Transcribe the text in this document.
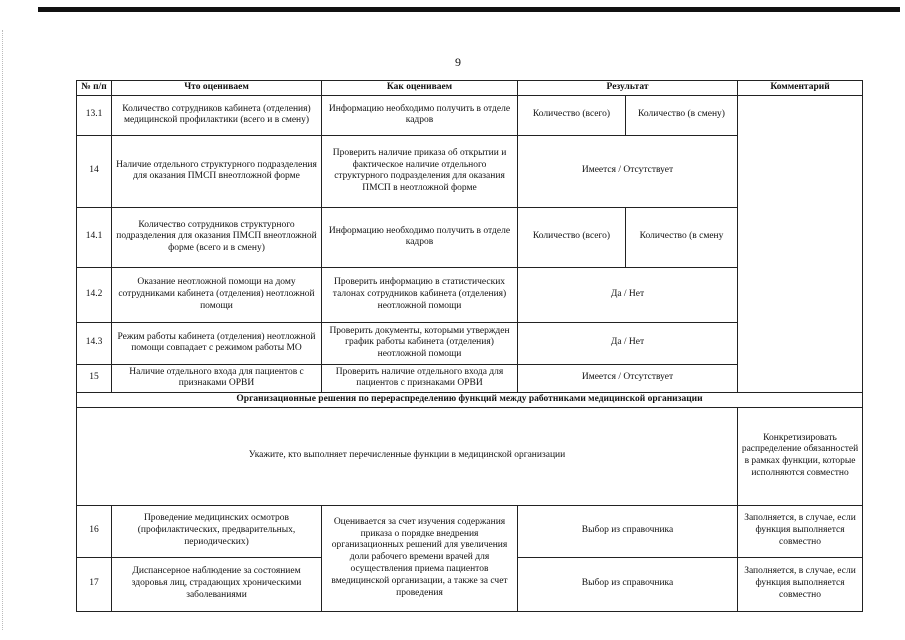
9
№ п/п	Что оцениваем	Как оцениваем	Результат		Комментарий
13.1	Количество сотрудников кабинета (отделения) медицинской профилактики (всего и в смену)	Информацию необходимо получить в отделе кадров	Количество (всего)	Количество (в смену)	
14	Наличие отдельного структурного подразделения для оказания ПМСП внеотложной форме	Проверить наличие приказа об открытии и фактическое наличие отдельного структурного подразделения для оказания ПМСП в неотложной форме	Имеется / Отсутствует		
14.1	Количество сотрудников структурного подразделения для оказания ПМСП внеотложной форме (всего и в смену)	Информацию необходимо получить в отделе кадров	Количество (всего)	Количество (в смену	
14.2	Оказание неотложной помощи на дому сотрудниками кабинета (отделения) неотложной помощи	Проверить информацию в статистических талонах сотрудников кабинета (отделения) неотложной помощи	Да / Нет		
14.3	Режим работы кабинета (отделения) неотложной помощи совпадает с режимом работы МО	Проверить документы, которыми утвержден график работы кабинета (отделения) неотложной помощи	Да / Нет		
15	Наличие отдельного входа для пациентов с признаками ОРВИ	Проверить наличие отдельного входа для пациентов с признаками ОРВИ	Имеется / Отсутствует		
Организационные решения по перераспределению функций между работниками медицинской организации					

Укажите, кто выполняет перечисленные функции в медицинской организации					Конкретизировать распределение обязанностей в рамках функции, которые исполняются совместно
16	Проведение медицинских осмотров (профилактических, предварительных, периодических)	Оценивается за счет изучения содержания приказа о порядке внедрения организационных решений для увеличения доли рабочего времени врачей для осуществления приема пациентов вмедицинской организации, а также за счет проведения	Выбор из справочника		Заполняется, в случае, если функция выполняется совместно
17	Диспансерное наблюдение за состоянием здоровья лиц, страдающих хроническими заболеваниями		Выбор из справочника		Заполняется, в случае, если функция выполняется совместно
